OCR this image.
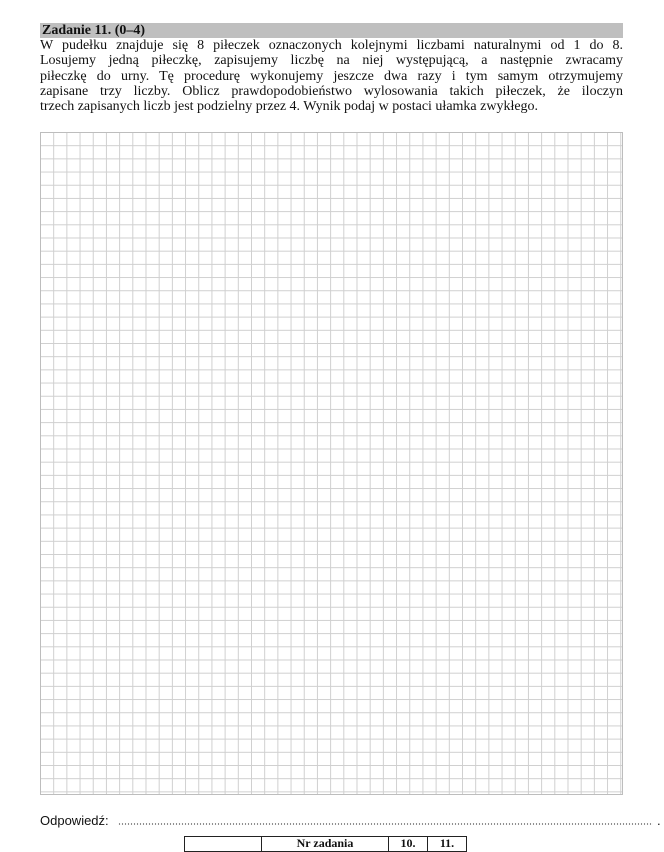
Zadanie 11. (0–4)
W pudełku znajduje się 8 piłeczek oznaczonych kolejnymi liczbami naturalnymi od 1 do 8.
Losujemy jedną piłeczkę, zapisujemy liczbę na niej występującą, a następnie zwracamy
piłeczkę do urny. Tę procedurę wykonujemy jeszcze dwa razy i tym samym otrzymujemy
zapisane trzy liczby. Oblicz prawdopodobieństwo wylosowania takich piłeczek, że iloczyn
trzech zapisanych liczb jest podzielny przez 4. Wynik podaj w postaci ułamka zwykłego.
Odpowiedź:	.
	Nr zadania	10.	11.
